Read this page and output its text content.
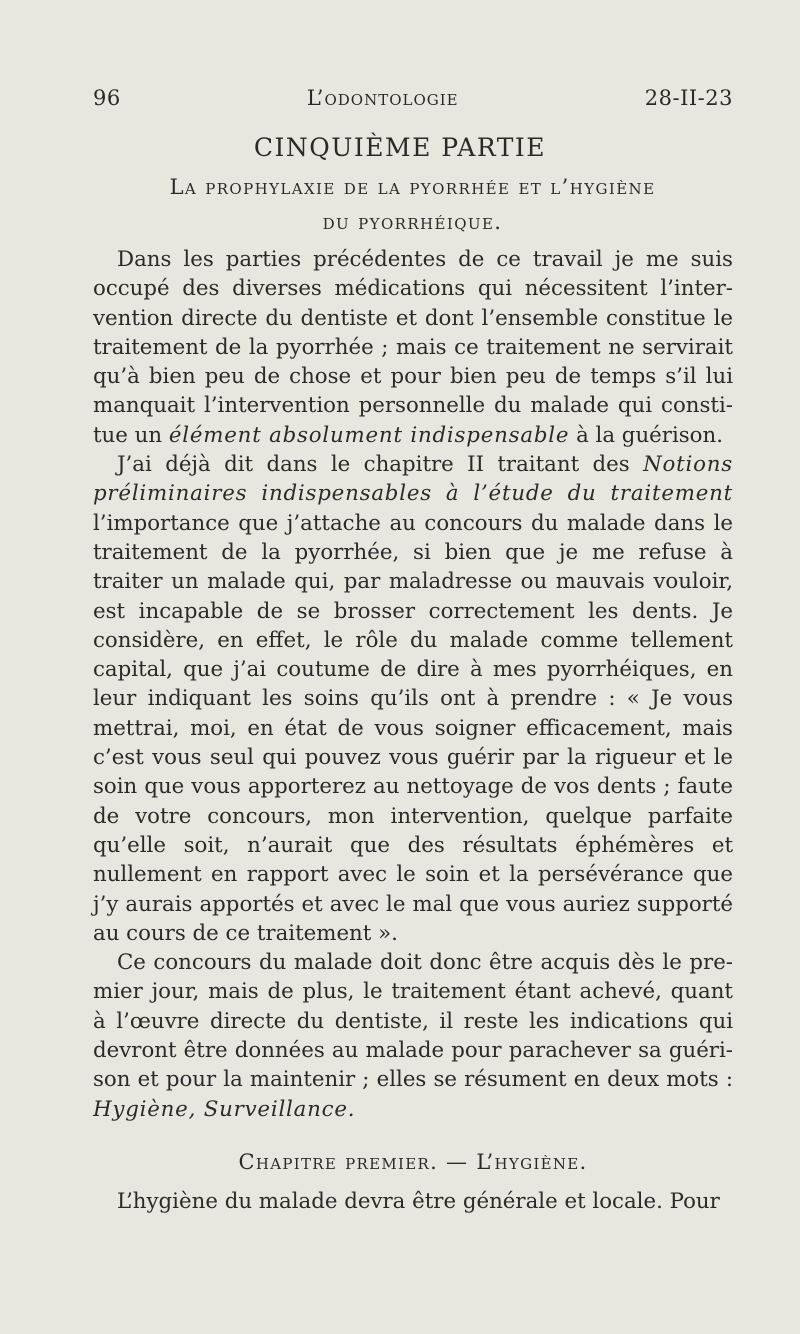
96	L’odontologie	28-II-23
CINQUIÈME PARTIE
La prophylaxie de la pyorrhée et l’hygiène
du pyorrhéique.

Dans les parties précédentes de ce travail je me suis occupé des diverses médications qui nécessitent l’intervention directe du dentiste et dont l’ensemble constitue le traitement de la pyorrhée ; mais ce traitement ne servirait qu’à bien peu de chose et pour bien peu de temps s’il lui manquait l’intervention personnelle du malade qui constitue un élément absolument indispensable à la guérison.

J’ai déjà dit dans le chapitre II traitant des Notions préliminaires indispensables à l’étude du traitement l’importance que j’attache au concours du malade dans le traitement de la pyorrhée, si bien que je me refuse à traiter un malade qui, par maladresse ou mauvais vouloir, est incapable de se brosser correctement les dents. Je considère, en effet, le rôle du malade comme tellement capital, que j’ai coutume de dire à mes pyorrhéiques, en leur indiquant les soins qu’ils ont à prendre : « Je vous mettrai, moi, en état de vous soigner efficacement, mais c’est vous seul qui pouvez vous guérir par la rigueur et le soin que vous apporterez au nettoyage de vos dents ; faute de votre concours, mon intervention, quelque parfaite qu’elle soit, n’aurait que des résultats éphémères et nullement en rapport avec le soin et la persévérance que j’y aurais apportés et avec le mal que vous auriez supporté au cours de ce traitement ».

Ce concours du malade doit donc être acquis dès le premier jour, mais de plus, le traitement étant achevé, quant à l’œuvre directe du dentiste, il reste les indications qui devront être données au malade pour parachever sa guérison et pour la maintenir ; elles se résument en deux mots : Hygiène, Surveillance.

Chapitre premier. — L’hygiène.

L’hygiène du malade devra être générale et locale. Pour
